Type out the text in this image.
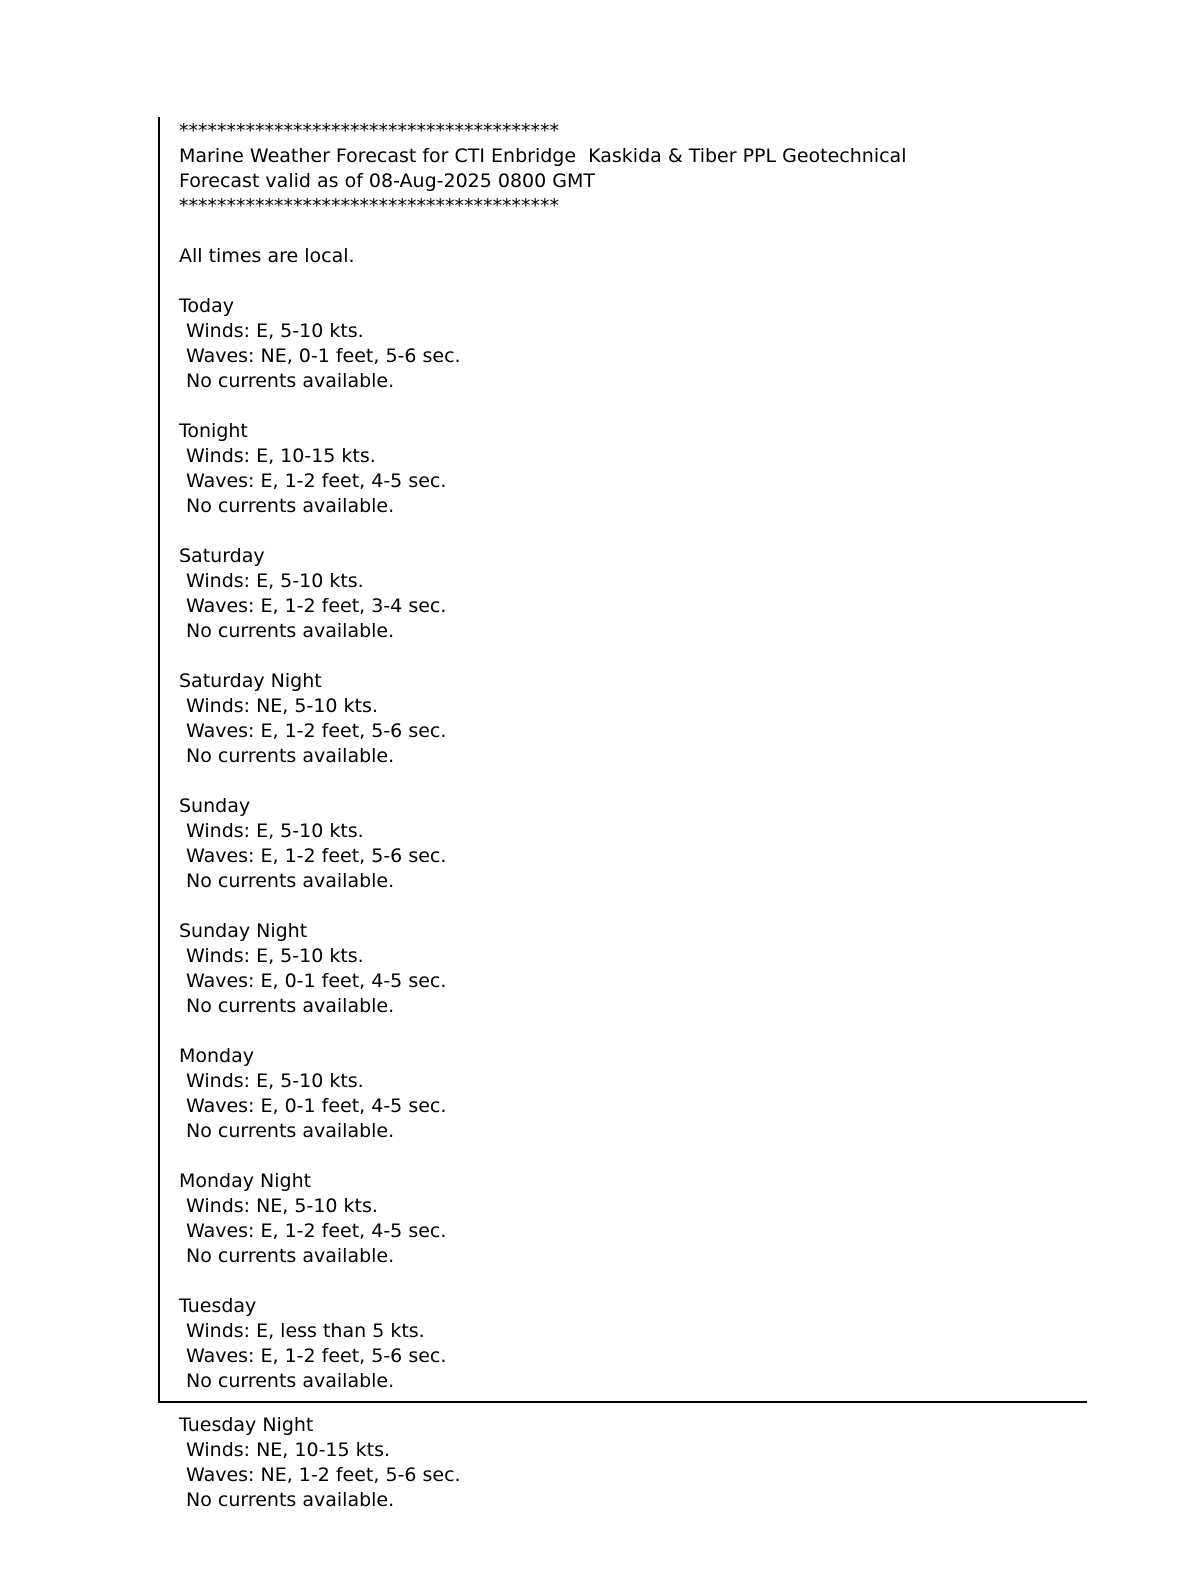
****************************************
Marine Weather Forecast for CTI Enbridge  Kaskida & Tiber PPL Geotechnical
Forecast valid as of 08-Aug-2025 0800 GMT
****************************************
All times are local.
Today
Winds: E, 5-10 kts.
Waves: NE, 0-1 feet, 5-6 sec.
No currents available.
Tonight
Winds: E, 10-15 kts.
Waves: E, 1-2 feet, 4-5 sec.
No currents available.
Saturday
Winds: E, 5-10 kts.
Waves: E, 1-2 feet, 3-4 sec.
No currents available.
Saturday Night
Winds: NE, 5-10 kts.
Waves: E, 1-2 feet, 5-6 sec.
No currents available.
Sunday
Winds: E, 5-10 kts.
Waves: E, 1-2 feet, 5-6 sec.
No currents available.
Sunday Night
Winds: E, 5-10 kts.
Waves: E, 0-1 feet, 4-5 sec.
No currents available.
Monday
Winds: E, 5-10 kts.
Waves: E, 0-1 feet, 4-5 sec.
No currents available.
Monday Night
Winds: NE, 5-10 kts.
Waves: E, 1-2 feet, 4-5 sec.
No currents available.
Tuesday
Winds: E, less than 5 kts.
Waves: E, 1-2 feet, 5-6 sec.
No currents available.
Tuesday Night
Winds: NE, 10-15 kts.
Waves: NE, 1-2 feet, 5-6 sec.
No currents available.
